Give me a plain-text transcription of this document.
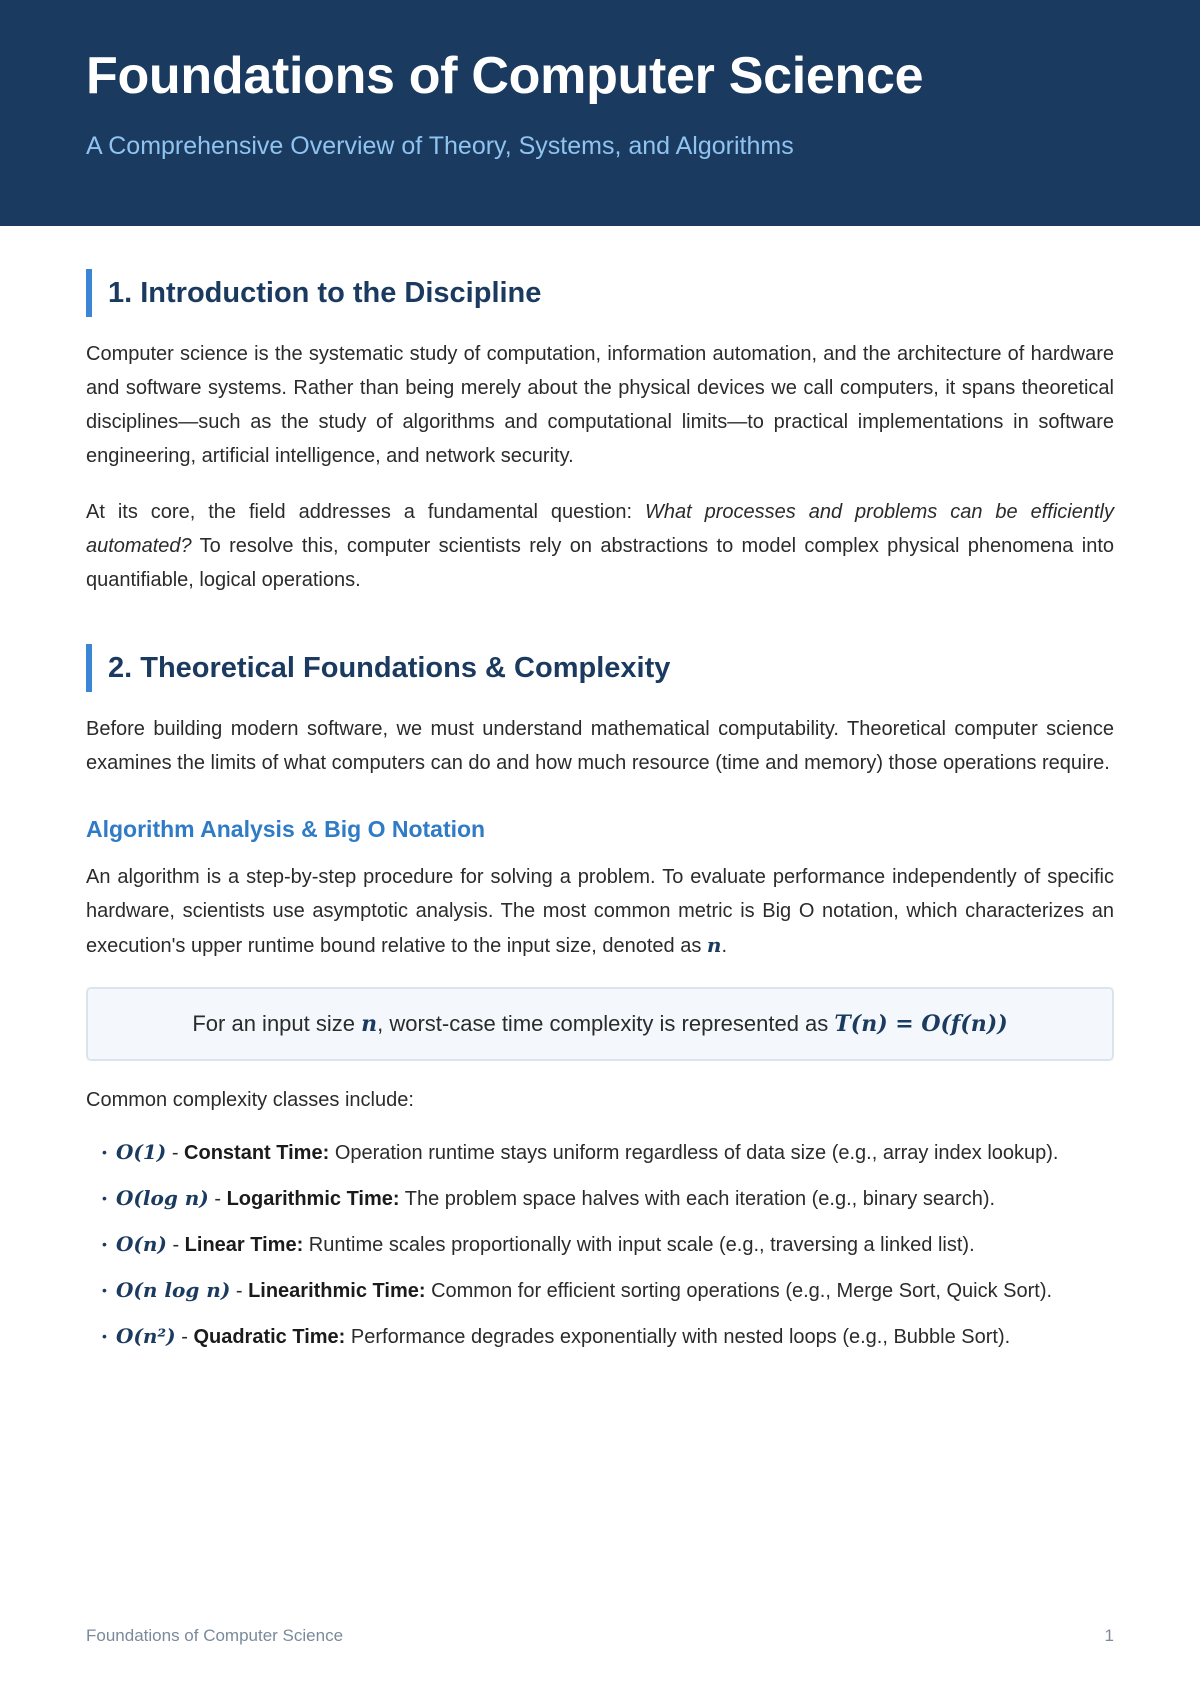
Foundations of Computer Science
A Comprehensive Overview of Theory, Systems, and Algorithms
1. Introduction to the Discipline

Computer science is the systematic study of computation, information automation, and the architecture of hardware and software systems. Rather than being merely about the physical devices we call computers, it spans theoretical disciplines—such as the study of algorithms and computational limits—to practical implementations in software engineering, artificial intelligence, and network security.

At its core, the field addresses a fundamental question: What processes and problems can be efficiently automated? To resolve this, computer scientists rely on abstractions to model complex physical phenomena into quantifiable, logical operations.

2. Theoretical Foundations & Complexity

Before building modern software, we must understand mathematical computability. Theoretical computer science examines the limits of what computers can do and how much resource (time and memory) those operations require.

Algorithm Analysis & Big O Notation

An algorithm is a step-by-step procedure for solving a problem. To evaluate performance independently of specific hardware, scientists use asymptotic analysis. The most common metric is Big O notation, which characterizes an execution's upper runtime bound relative to the input size, denoted as n.

For an input size
n , worst-case time complexity is represented as
T(n) = O(f(n))

Common complexity classes include:

• O(1) - Constant Time: Operation runtime stays uniform regardless of data size (e.g., array index lookup).
• O(log n) - Logarithmic Time: The problem space halves with each iteration (e.g., binary search).
• O(n) - Linear Time: Runtime scales proportionally with input scale (e.g., traversing a linked list).
• O(n log n) - Linearithmic Time: Common for efficient sorting operations (e.g., Merge Sort, Quick Sort).
• O(n²) - Quadratic Time: Performance degrades exponentially with nested loops (e.g., Bubble Sort).
Foundations of Computer Science	1
